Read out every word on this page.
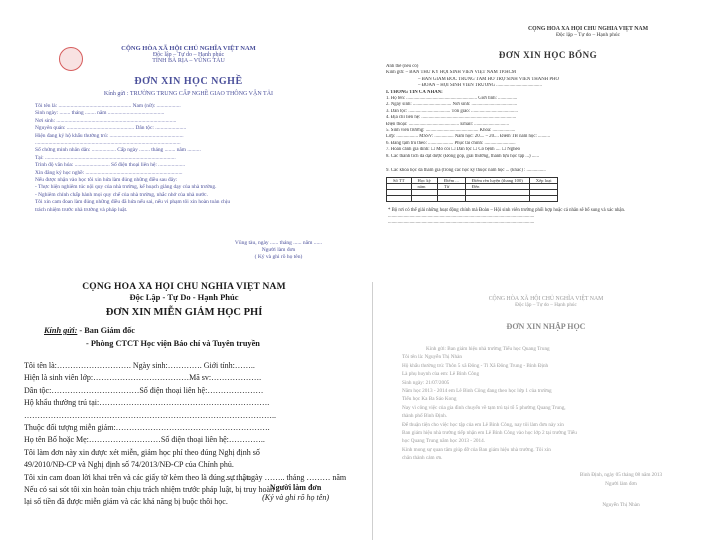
CỘNG HÒA XÃ HỘI CHỦ NGHĨA VIỆT NAM
Độc lập – Tự do – Hạnh phúc
TỈNH BÀ RỊA – VŨNG TÀU
ĐƠN XIN HỌC NGHỀ
Kính gửi : TRƯỜNG TRUNG CẤP NGHỀ GIAO THÔNG VẬN TẢI
Tôi tên là: ...................................................... Nam (nữ): ..................
Sinh ngày: ........ tháng ........ năm ..........................................
Nơi sinh: .........................................................................................
Nguyên quán: .................................................. Dân tộc: .......................
Hiện đang ký hộ khẩu thường trú: .......................................................
............................................................................................................
Số chứng minh nhân dân: .................. Cấp ngày ........ tháng ........ năm ..........
Tại: .................................................................................................
Trình độ văn hóa: .......................... Số điện thoại liên hệ: ....................
Xin đăng ký học nghề: ........................................................................
Nếu được nhận vào học tôi xin hứa làm đúng những điều sau đây:
- Thực hiện nghiêm túc nội quy của nhà trường, kế hoạch giảng dạy của nhà trường.
- Nghiêm chỉnh chấp hành mọi quy chế của nhà trường, nhắc nhở của nhà nước.
Tôi xin cam đoan làm đúng những điều đã hứa nếu sai, nếu vi phạm tôi xin hoàn toàn chịu
trách nhiệm trước nhà trường và pháp luật.
Vũng tàu, ngày ...... tháng ...... năm ......
Người làm đơn
( Ký và ghi rõ họ tên)
CỘNG HÒA XÃ HỘI CHỦ NGHĨA VIỆT NAM
Độc lập – Tự do – Hạnh phúc
ĐƠN XIN HỌC BỔNG
Ảnh thẻ (nếu có)
Kính gửi: – BAN THƯ KÝ HỘI SINH VIÊN VIỆT NAM TP.HCM
– BAN GIÁM ĐỐC TRUNG TÂM HỖ TRỢ SINH VIÊN THÀNH PHỐ
– ĐOÀN – HỘI SINH VIÊN TRƯỜNG ......................................
I. THÔNG TIN CÁ NHÂN:
1. Họ tên: ........................................................... Giới tính: ................
2. Ngày sinh: ................................ Nơi sinh: ......................................
3. Dân tộc: ................................... Tôn giáo: .......................................
4. Địa chỉ liên hệ: ...............................................................................
Điện thoại: .......................................... Email: .............................
5. Sinh viên trường: ............................................ Khoa: ...................
Lớp: .................. MSSV: ................ Năm học: 20.... – 20.... Điểm TB năm học: ..........
6. Đang tạm trú theo: ..................... Phục tài chính: ..........................
7. Hoàn cảnh gia đình: ☐ Mồ côi ☐ Dân tộc ☐ Có bệnh .... ☐ Nghèo
8. Các thành tích đã đạt được (Đồng góp, giải thưởng, thành tựu học tập ...) ......
9. Các khóa học đã tham gia (trong các học kỳ thuộc năm học ... (khác) : ................
Số TT	Học kỳ	Điểm ...	Điểm rèn luyện (thang 100)	Xếp loại
	năm	Từ	Đến	

* Bộ rơi có thể giải những hoạt động chính mà Đoàn – Hội sinh viên trường phối hợp hoặc cá nhân sẽ bổ sung và xác nhận.
..........................................................................................................................
..........................................................................................................................
CỘNG HÒA XÃ HỘI CHỦ NGHĨA VIỆT NAM
Độc Lập - Tự Do - Hạnh Phúc
ĐƠN XIN MIỄN GIẢM HỌC PHÍ
Kính gửi: - Ban Giám đốc
- Phòng CTCT Học viện Báo chí và Tuyên truyền
Tôi tên là:………………………. Ngày sinh:…………. Giới tính:……..
Hiện là sinh viên lớp:………………………………Mã sv:……………….
Dân tộc:……………………………Số điện thoại liên hệ:…………………
Hộ khẩu thường trú tại:……………………………………………………….
…………………………………………………………………………………..
Thuộc đối tượng miễn giảm:………………………………………………….
Họ tên Bố hoặc Mẹ:………………………Số điện thoại liên hệ:…………..
Tôi làm đơn này xin được xét miễn, giảm học phí theo đúng Nghị định số
49/2010/NĐ-CP và Nghị định số 74/2013/NĐ-CP của Chính phủ.
Tôi xin cam đoan lời khai trên và các giấy tờ kèm theo là đúng sự thật.
Nếu có sai sót tôi xin hoàn toàn chịu trách nhiệm trước pháp luật, bị truy hoàn
lại số tiền đã được miễn giảm và các khả năng bị buộc thôi học.
……., ngày …….. tháng ……… năm
Người làm đơn
(Ký và ghi rõ họ tên)
CỘNG HÒA XÃ HỘI CHỦ NGHĨA VIỆT NAM
Độc lập – Tự do – Hạnh phúc
ĐƠN XIN NHẬP HỌC
Kính gửi: Ban giám hiệu nhà trường Tiểu học Quang Trung
Tôi tên là: Nguyễn Thị Nhàn
Hộ khẩu thường trú: Thôn 5 xã Đông - Tỉ Xã Đông Trung - Bình Định
Là phụ huynh của em: Lê Bình Công
Sinh ngày: 21/07/2005
Năm học 2013 - 2014 em Lê Bình Công đang theo học lớp 1 của trường
Tiểu học Ka Ba Sáo Kong
Nay vì công việc của gia đình chuyển về tạm trú tại tổ 5 phường Quang Trung,
thành phố Bình Định.
Để thuận tiện cho việc học tập của em Lê Bình Công, nay tôi làm đơn này xin
Ban giám hiệu nhà trường tiếp nhận em Lê Bình Công vào học lớp 2 tại trường Tiểu
học Quang Trung năm học 2013 - 2014.
Kính mong sự quan tâm giúp đỡ của Ban giám hiệu nhà trường. Tôi xin
chân thành cảm ơn.
Bình Định, ngày 05 tháng 08 năm 2013
Người làm đơn
Nguyễn Thị Nhàn
